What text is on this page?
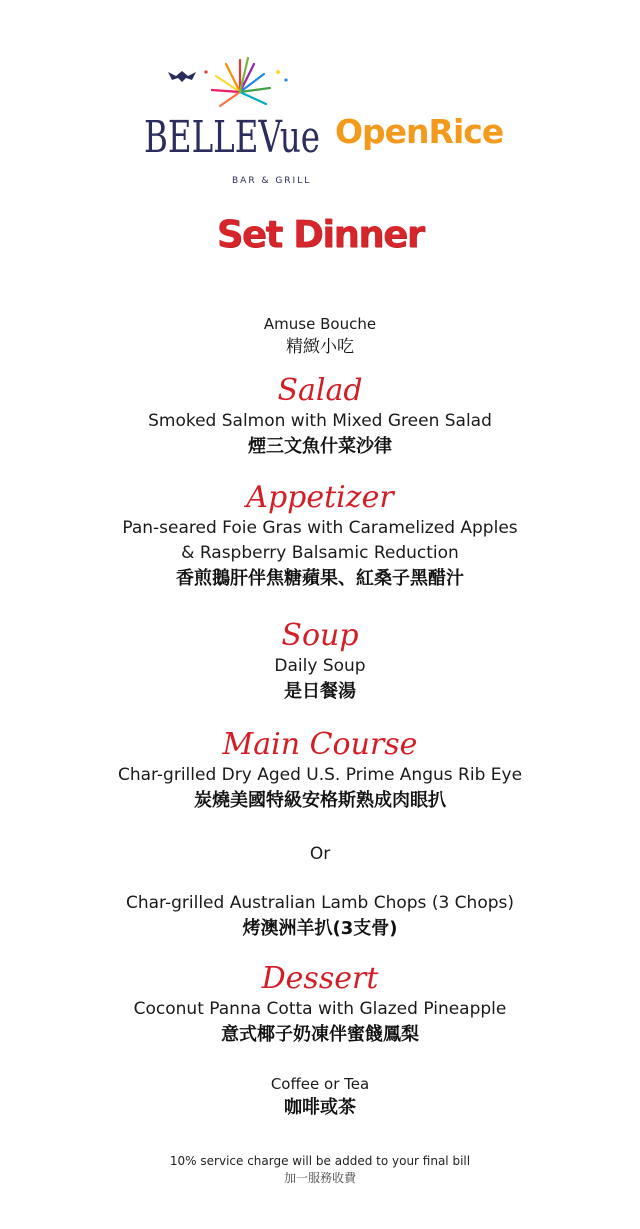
BELLEVue
BAR & GRILL
OpenRice
Set Dinner
Amuse Bouche
精緻小吃
Salad
Smoked Salmon with Mixed Green Salad
煙三文魚什菜沙律
Appetizer
Pan-seared Foie Gras with Caramelized Apples
& Raspberry Balsamic Reduction
香煎鵝肝伴焦糖蘋果、紅桑子黑醋汁
Soup
Daily Soup
是日餐湯
Main Course
Char-grilled Dry Aged U.S. Prime Angus Rib Eye
炭燒美國特級安格斯熟成肉眼扒
Or
Char-grilled Australian Lamb Chops (3 Chops)
烤澳洲羊扒(3支骨)
Dessert
Coconut Panna Cotta with Glazed Pineapple
意式椰子奶凍伴蜜餞鳳梨
Coffee or Tea
咖啡或茶
10% service charge will be added to your final bill
加一服務收費
